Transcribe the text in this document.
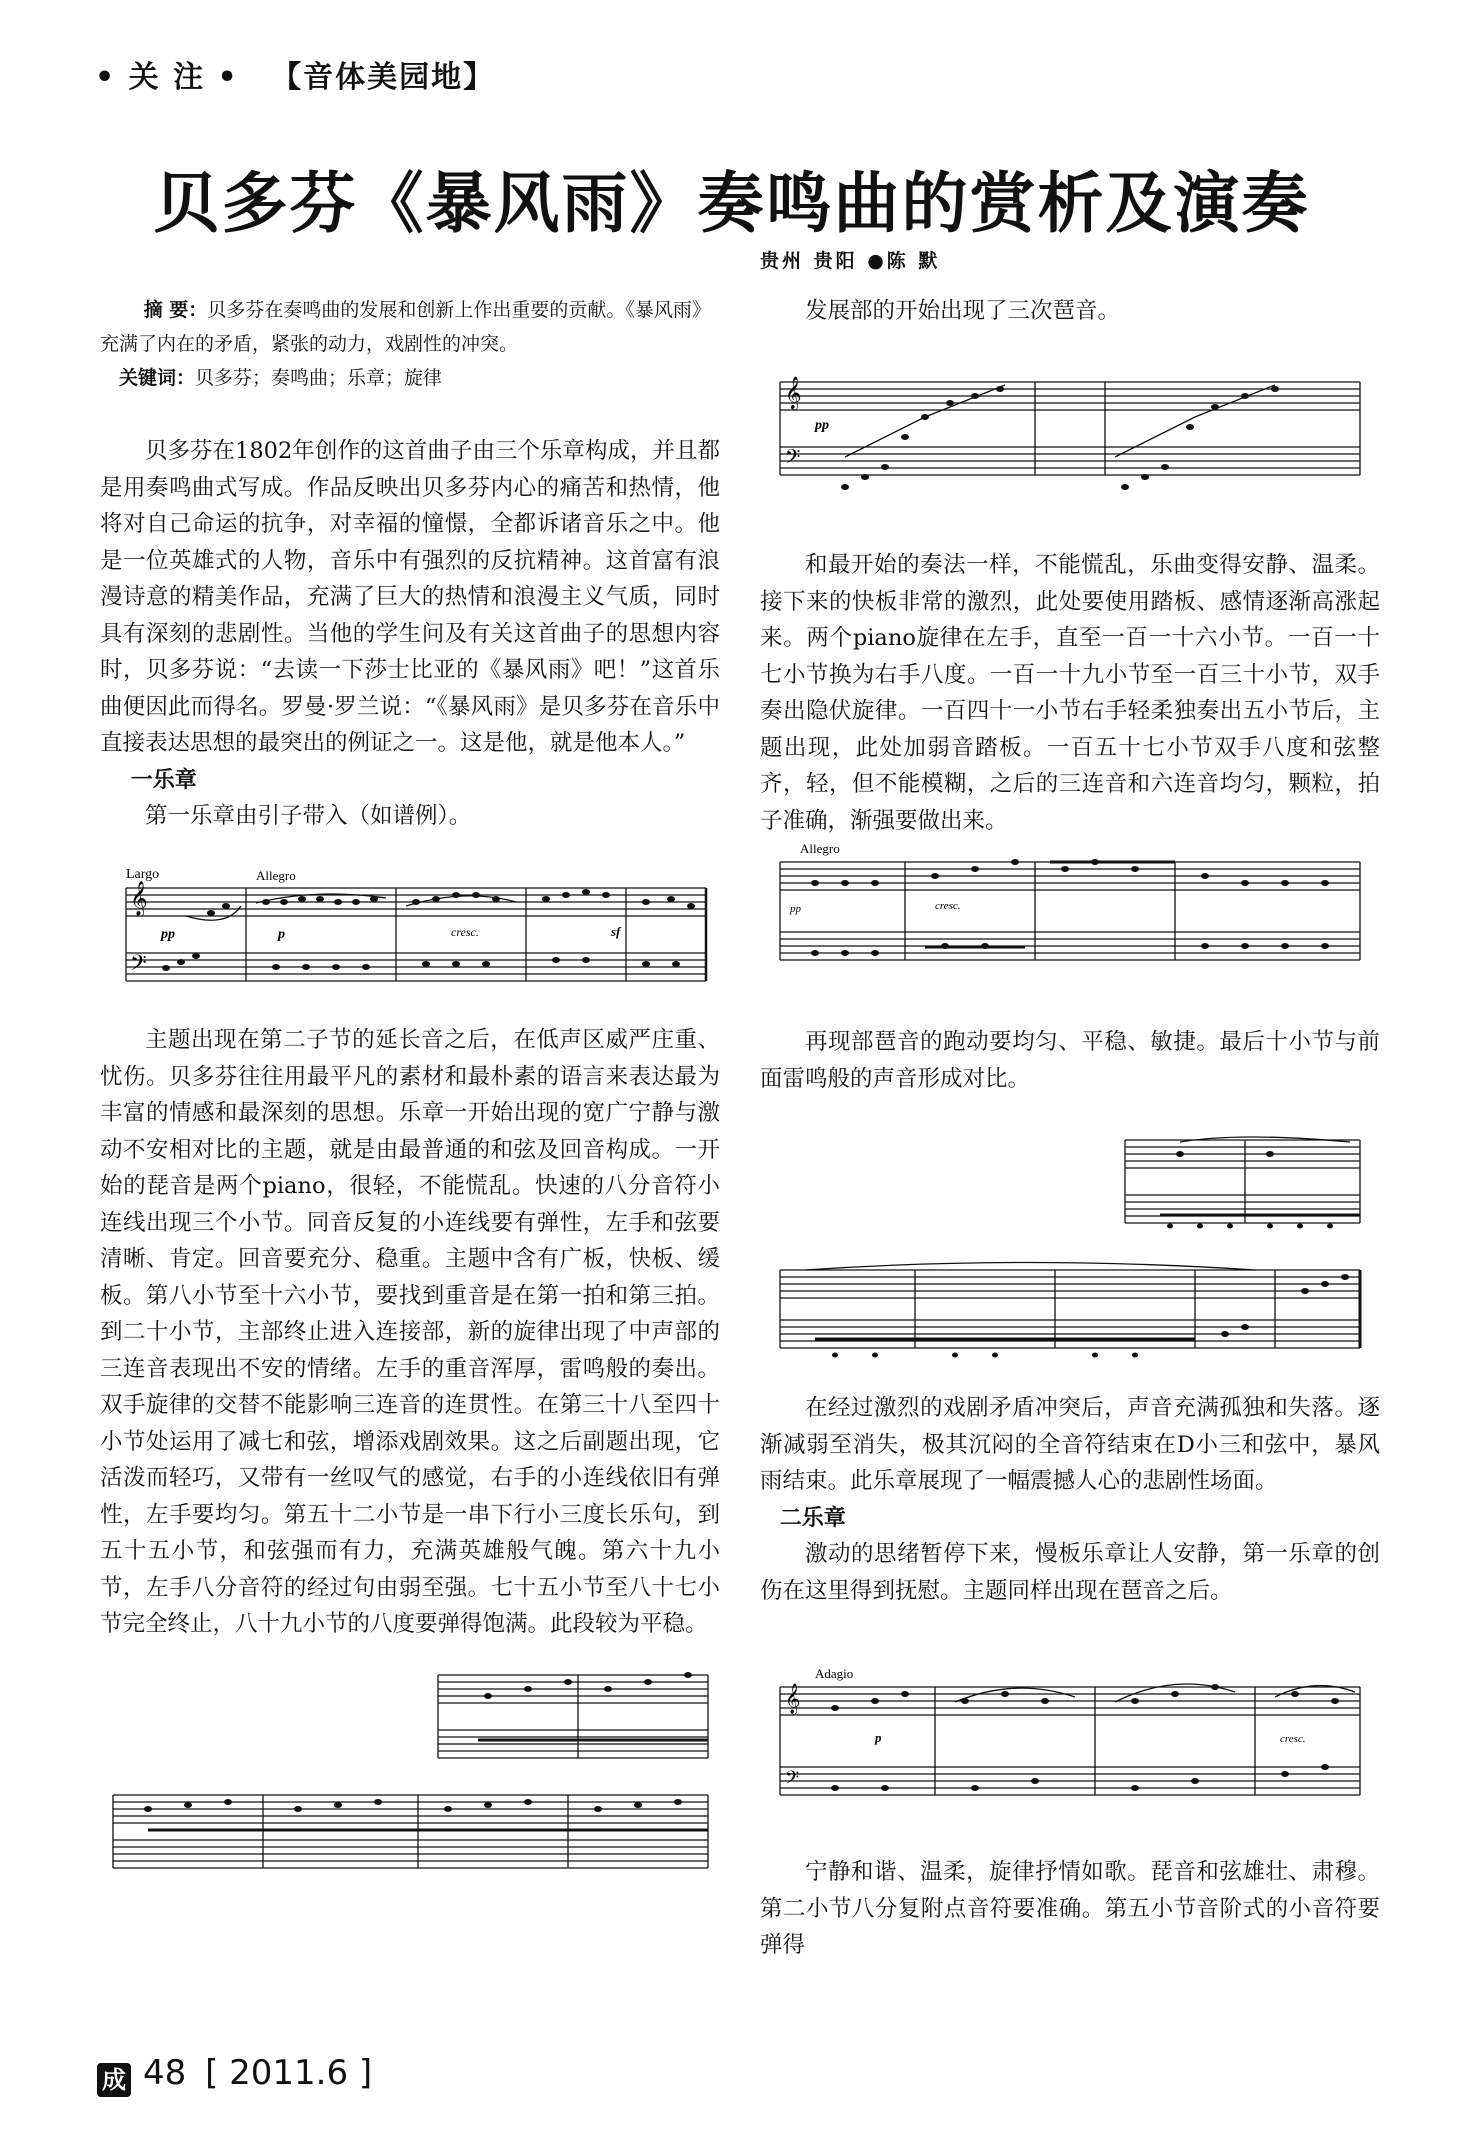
• 关 注 • 【音体美园地】
贝多芬《暴风雨》奏鸣曲的赏析及演奏
贵州 贵阳 ●陈 默

摘 要：贝多芬在奏鸣曲的发展和创新上作出重要的贡献。《暴风雨》充满了内在的矛盾，紧张的动力，戏剧性的冲突。

关键词：贝多芬；奏鸣曲；乐章；旋律

贝多芬在1802年创作的这首曲子由三个乐章构成，并且都是用奏鸣曲式写成。作品反映出贝多芬内心的痛苦和热情，他将对自己命运的抗争，对幸福的憧憬，全都诉诸音乐之中。他是一位英雄式的人物，音乐中有强烈的反抗精神。这首富有浪漫诗意的精美作品，充满了巨大的热情和浪漫主义气质，同时具有深刻的悲剧性。当他的学生问及有关这首曲子的思想内容时，贝多芬说：“去读一下莎士比亚的《暴风雨》吧！”这首乐曲便因此而得名。罗曼·罗兰说：“《暴风雨》是贝多芬在音乐中直接表达思想的最突出的例证之一。这是他，就是他本人。”

一乐章

第一乐章由引子带入（如谱例）。

𝄞
𝄢
Largo	Allegro
pp	p	cresc.	sf

主题出现在第二子节的延长音之后，在低声区威严庄重、忧伤。贝多芬往往用最平凡的素材和最朴素的语言来表达最为丰富的情感和最深刻的思想。乐章一开始出现的宽广宁静与激动不安相对比的主题，就是由最普通的和弦及回音构成。一开始的琵音是两个piano，很轻，不能慌乱。快速的八分音符小连线出现三个小节。同音反复的小连线要有弹性，左手和弦要清晰、肯定。回音要充分、稳重。主题中含有广板，快板、缓板。第八小节至十六小节，要找到重音是在第一拍和第三拍。到二十小节，主部终止进入连接部，新的旋律出现了中声部的三连音表现出不安的情绪。左手的重音浑厚，雷鸣般的奏出。双手旋律的交替不能影响三连音的连贯性。在第三十八至四十小节处运用了减七和弦，增添戏剧效果。这之后副题出现，它活泼而轻巧，又带有一丝叹气的感觉，右手的小连线依旧有弹性，左手要均匀。第五十二小节是一串下行小三度长乐句，到五十五小节，和弦强而有力，充满英雄般气魄。第六十九小节，左手八分音符的经过句由弱至强。七十五小节至八十七小节完全终止，八十九小节的八度要弹得饱满。此段较为平稳。

发展部的开始出现了三次琶音。

𝄞
𝄢
pp

和最开始的奏法一样，不能慌乱，乐曲变得安静、温柔。接下来的快板非常的激烈，此处要使用踏板、感情逐渐高涨起来。两个piano旋律在左手，直至一百一十六小节。一百一十七小节换为右手八度。一百一十九小节至一百三十小节，双手奏出隐伏旋律。一百四十一小节右手轻柔独奏出五小节后，主题出现，此处加弱音踏板。一百五十七小节双手八度和弦整齐，轻，但不能模糊，之后的三连音和六连音均匀，颗粒，拍子准确，渐强要做出来。

Allegro
pp	cresc.

再现部琶音的跑动要均匀、平稳、敏捷。最后十小节与前面雷鸣般的声音形成对比。

在经过激烈的戏剧矛盾冲突后，声音充满孤独和失落。逐渐减弱至消失，极其沉闷的全音符结束在D小三和弦中，暴风雨结束。此乐章展现了一幅震撼人心的悲剧性场面。

二乐章

激动的思绪暂停下来，慢板乐章让人安静，第一乐章的创伤在这里得到抚慰。主题同样出现在琶音之后。

𝄞
𝄢
Adagio
p	cresc.

宁静和谐、温柔，旋律抒情如歌。琵音和弦雄壮、肃穆。第二小节八分复附点音符要准确。第五小节音阶式的小音符要弹得

成 48 [ 2011.6 ]
